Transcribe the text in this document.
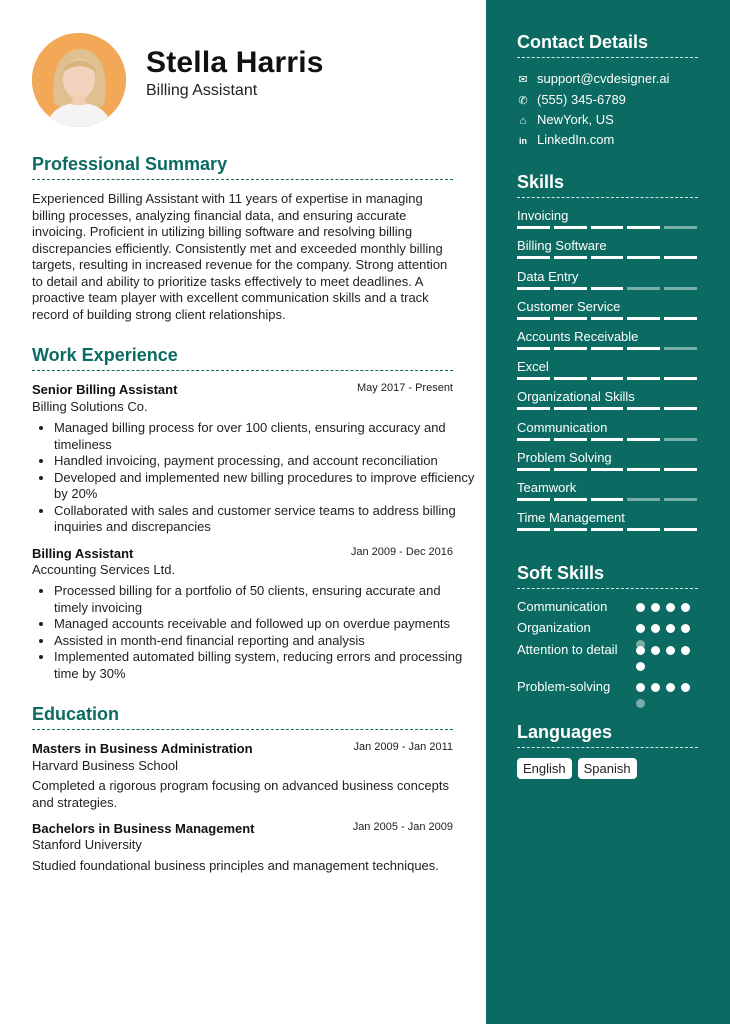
Stella Harris
Billing Assistant
Professional Summary

Experienced Billing Assistant with 11 years of expertise in managing billing processes, analyzing financial data, and ensuring accurate invoicing. Proficient in utilizing billing software and resolving billing discrepancies efficiently. Consistently met and exceeded monthly billing targets, resulting in increased revenue for the company. Strong attention to detail and ability to prioritize tasks effectively to meet deadlines. A proactive team player with excellent communication skills and a track record of building strong client relationships.

Work Experience
Senior Billing Assistant	May 2017 - Present
Billing Solutions Co.
• Managed billing process for over 100 clients, ensuring accuracy and timeliness
• Handled invoicing, payment processing, and account reconciliation
• Developed and implemented new billing procedures to improve efficiency by 20%
• Collaborated with sales and customer service teams to address billing inquiries and discrepancies
Billing Assistant	Jan 2009 - Dec 2016
Accounting Services Ltd.
• Processed billing for a portfolio of 50 clients, ensuring accurate and timely invoicing
• Managed accounts receivable and followed up on overdue payments
• Assisted in month-end financial reporting and analysis
• Implemented automated billing system, reducing errors and processing time by 30%
Education
Masters in Business Administration	Jan 2009 - Jan 2011
Harvard Business School

Completed a rigorous program focusing on advanced business concepts and strategies.

Bachelors in Business Management	Jan 2005 - Jan 2009
Stanford University

Studied foundational business principles and management techniques.

Contact Details
✉ support@cvdesigner.ai
✆ (555) 345-6789
⌂ NewYork, US
in LinkedIn.com
Skills
Invoicing
Billing Software
Data Entry
Customer Service
Accounts Receivable
Excel
Organizational Skills
Communication
Problem Solving
Teamwork
Time Management
Soft Skills
Communication
Organization
Attention to detail
Problem-solving
Languages
English	Spanish
